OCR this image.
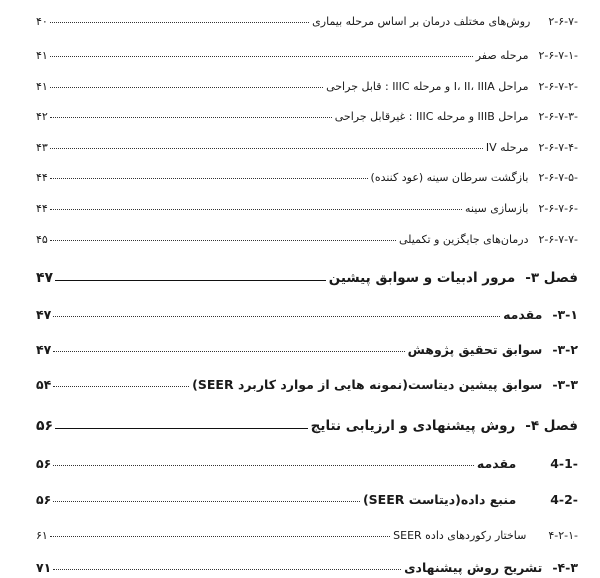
-۲-۶-۷
روش‌های مختلف درمان بر اساس مرحله بیماری
۴۰
-۲-۶-۷-۱
مرحله صفر
۴۱
-۲-۶-۷-۲
مراحل I، II، IIIA و مرحله IIIC : قابل جراحی
۴۱
-۲-۶-۷-۳
مراحل IIIB و مرحله IIIC : غیرقابل جراحی
۴۲
-۲-۶-۷-۴
مرحله IV
۴۳
-۲-۶-۷-۵
بازگشت سرطان سینه (عود کننده)
۴۴
-۲-۶-۷-۶
بازسازی سینه
۴۴
-۲-۶-۷-۷
درمان‌های جایگزین و تکمیلی
۴۵
فصل ۳-
مرور ادبیات و سوابق پیشین
۴۷
۳-۱-
مقدمه
۴۷
۳-۲-
سوابق تحقیق پژوهش
۴۷
۳-۳-
سوابق پیشین دیتاست(نمونه هایی از موارد کاربرد SEER)
۵۴
فصل ۴-
روش پیشنهادی و ارزیابی نتایج
۵۶
-4-1
مقدمه
۵۶
-4-2
منبع داده(دیتاست SEER)
۵۶
-۴-۲-۱
ساختار رکوردهای داده SEER
۶۱
۴-۳-
تشریح روش پیشنهادی
۷۱
